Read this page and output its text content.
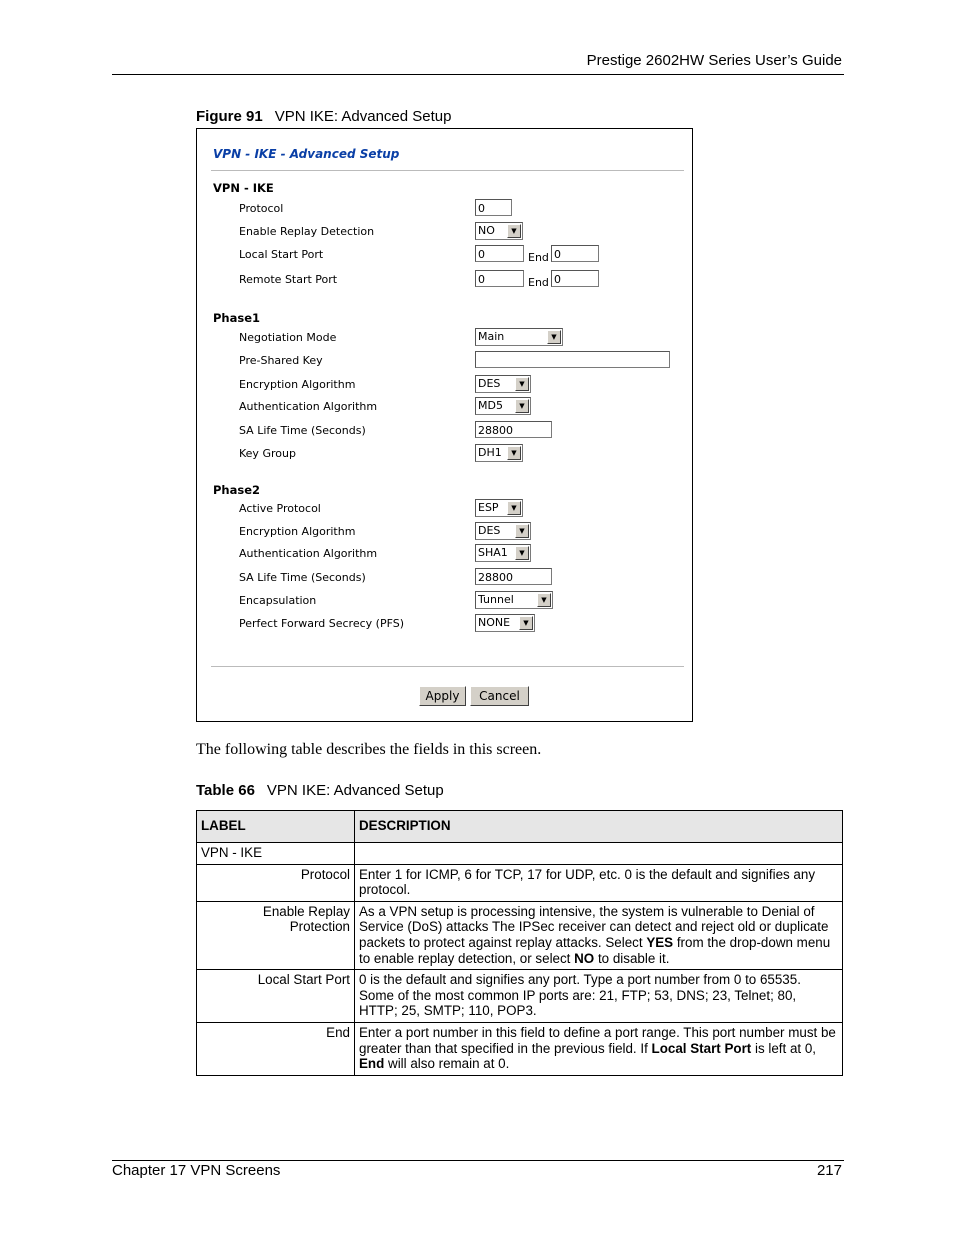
Prestige 2602HW Series User’s Guide
Figure 91 VPN IKE: Advanced Setup
VPN - IKE - Advanced Setup
VPN - IKE
Protocol	0
Enable Replay Detection	NO	▼
Local Start Port	0	End 0
Remote Start Port	0	End 0
Phase1
Negotiation Mode	Main	▼
Pre-Shared Key
Encryption Algorithm	DES	▼
Authentication Algorithm	MD5	▼
SA Life Time (Seconds)	28800
Key Group	DH1	▼
Phase2
Active Protocol	ESP	▼
Encryption Algorithm	DES	▼
Authentication Algorithm	SHA1	▼
SA Life Time (Seconds)	28800
Encapsulation	Tunnel	▼
Perfect Forward Secrecy (PFS)	NONE	▼
Apply	Cancel
The following table describes the fields in this screen.
Table 66 VPN IKE: Advanced Setup
LABEL	DESCRIPTION
VPN - IKE	
Protocol	Enter 1 for ICMP, 6 for TCP, 17 for UDP, etc. 0 is the default and signifies any protocol.
Enable Replay Protection	As a VPN setup is processing intensive, the system is vulnerable to Denial of Service (DoS) attacks The IPSec receiver can detect and reject old or duplicate packets to protect against replay attacks. Select YES from the drop-down menu to enable replay detection, or select NO to disable it.
Local Start Port	0 is the default and signifies any port. Type a port number from 0 to 65535. Some of the most common IP ports are: 21, FTP; 53, DNS; 23, Telnet; 80, HTTP; 25, SMTP; 110, POP3.
End	Enter a port number in this field to define a port range. This port number must be greater than that specified in the previous field. If Local Start Port is left at 0, End will also remain at 0.
Chapter 17 VPN Screens	217
